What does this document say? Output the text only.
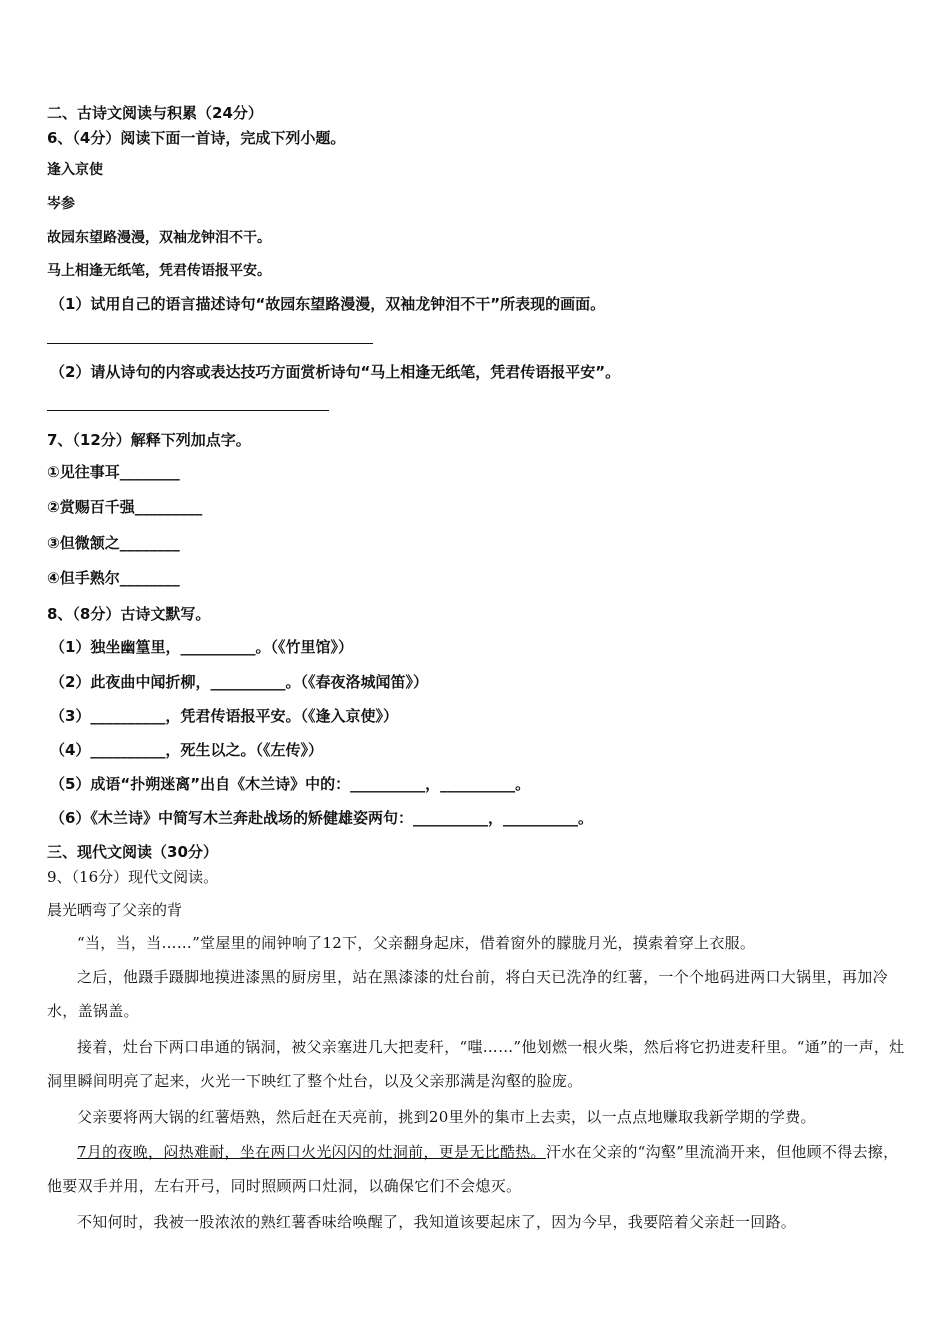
二、古诗文阅读与积累（24分）
6、（4分）阅读下面一首诗，完成下列小题。
逢入京使
岑参
故园东望路漫漫，双袖龙钟泪不干。
马上相逢无纸笔，凭君传语报平安。
（1）试用自己的语言描述诗句“故园东望路漫漫，双袖龙钟泪不干”所表现的画面。
（2）请从诗句的内容或表达技巧方面赏析诗句“马上相逢无纸笔，凭君传语报平安”。
7、（12分）解释下列加点字。
①见往事耳________
②赏赐百千强_________
③但微颔之________
④但手熟尔________
8、（8分）古诗文默写。
（1）独坐幽篁里，__________。（《竹里馆》）
（2）此夜曲中闻折柳，__________。（《春夜洛城闻笛》）
（3）__________，凭君传语报平安。（《逢入京使》）
（4）__________，死生以之。（《左传》）
（5）成语“扑朔迷离”出自《木兰诗》中的：__________，__________。
（6）《木兰诗》中简写木兰奔赴战场的矫健雄姿两句：__________，__________。
三、现代文阅读（30分）
9、（16分）现代文阅读。
晨光晒弯了父亲的背
“当，当，当……”堂屋里的闹钟响了12下，父亲翻身起床，借着窗外的朦胧月光，摸索着穿上衣服。
之后，他蹑手蹑脚地摸进漆黑的厨房里，站在黑漆漆的灶台前，将白天已洗净的红薯，一个个地码进两口大锅里，再加冷水，盖锅盖。
接着，灶台下两口串通的锅洞，被父亲塞进几大把麦秆，“嗤……”他划燃一根火柴，然后将它扔进麦秆里。“通”的一声，灶洞里瞬间明亮了起来，火光一下映红了整个灶台，以及父亲那满是沟壑的脸庞。
父亲要将两大锅的红薯焐熟，然后赶在天亮前，挑到20里外的集市上去卖，以一点点地赚取我新学期的学费。
7月的夜晚，闷热难耐，坐在两口火光闪闪的灶洞前，更是无比酷热。汗水在父亲的“沟壑”里流淌开来，但他顾不得去擦，他要双手并用，左右开弓，同时照顾两口灶洞，以确保它们不会熄灭。
不知何时，我被一股浓浓的熟红薯香味给唤醒了，我知道该要起床了，因为今早，我要陪着父亲赶一回路。
